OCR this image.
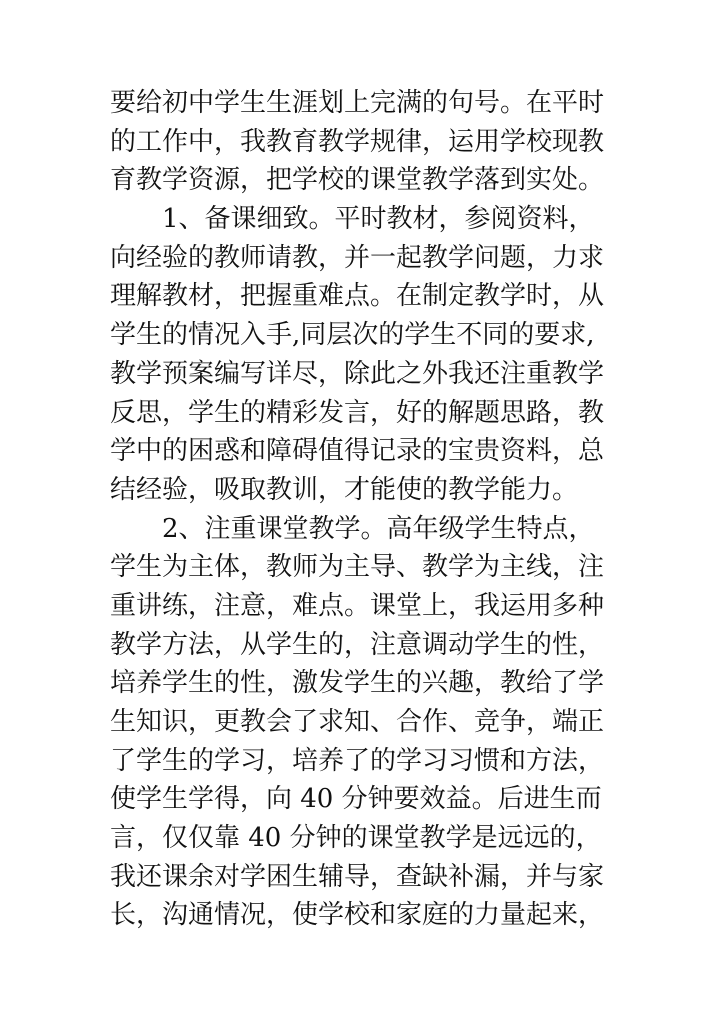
要给初中学生生涯划上完满的句号。在平时
的工作中，我教育教学规律，运用学校现教
育教学资源，把学校的课堂教学落到实处。
1、备课细致。平时教材，参阅资料，
向经验的教师请教，并一起教学问题，力求
理解教材，把握重难点。在制定教学时，从
学生的情况入手,同层次的学生不同的要求,
教学预案编写详尽，除此之外我还注重教学
反思，学生的精彩发言，好的解题思路，教
学中的困惑和障碍值得记录的宝贵资料，总
结经验，吸取教训，才能使的教学能力。
2、注重课堂教学。高年级学生特点，
学生为主体，教师为主导、教学为主线，注
重讲练，注意，难点。课堂上，我运用多种
教学方法，从学生的，注意调动学生的性，
培养学生的性，激发学生的兴趣，教给了学
生知识，更教会了求知、合作、竞争，端正
了学生的学习，培养了的学习习惯和方法，
使学生学得，向 40 分钟要效益。后进生而
言，仅仅靠 40 分钟的课堂教学是远远的，
我还课余对学困生辅导，查缺补漏，并与家
长，沟通情况，使学校和家庭的力量起来，
